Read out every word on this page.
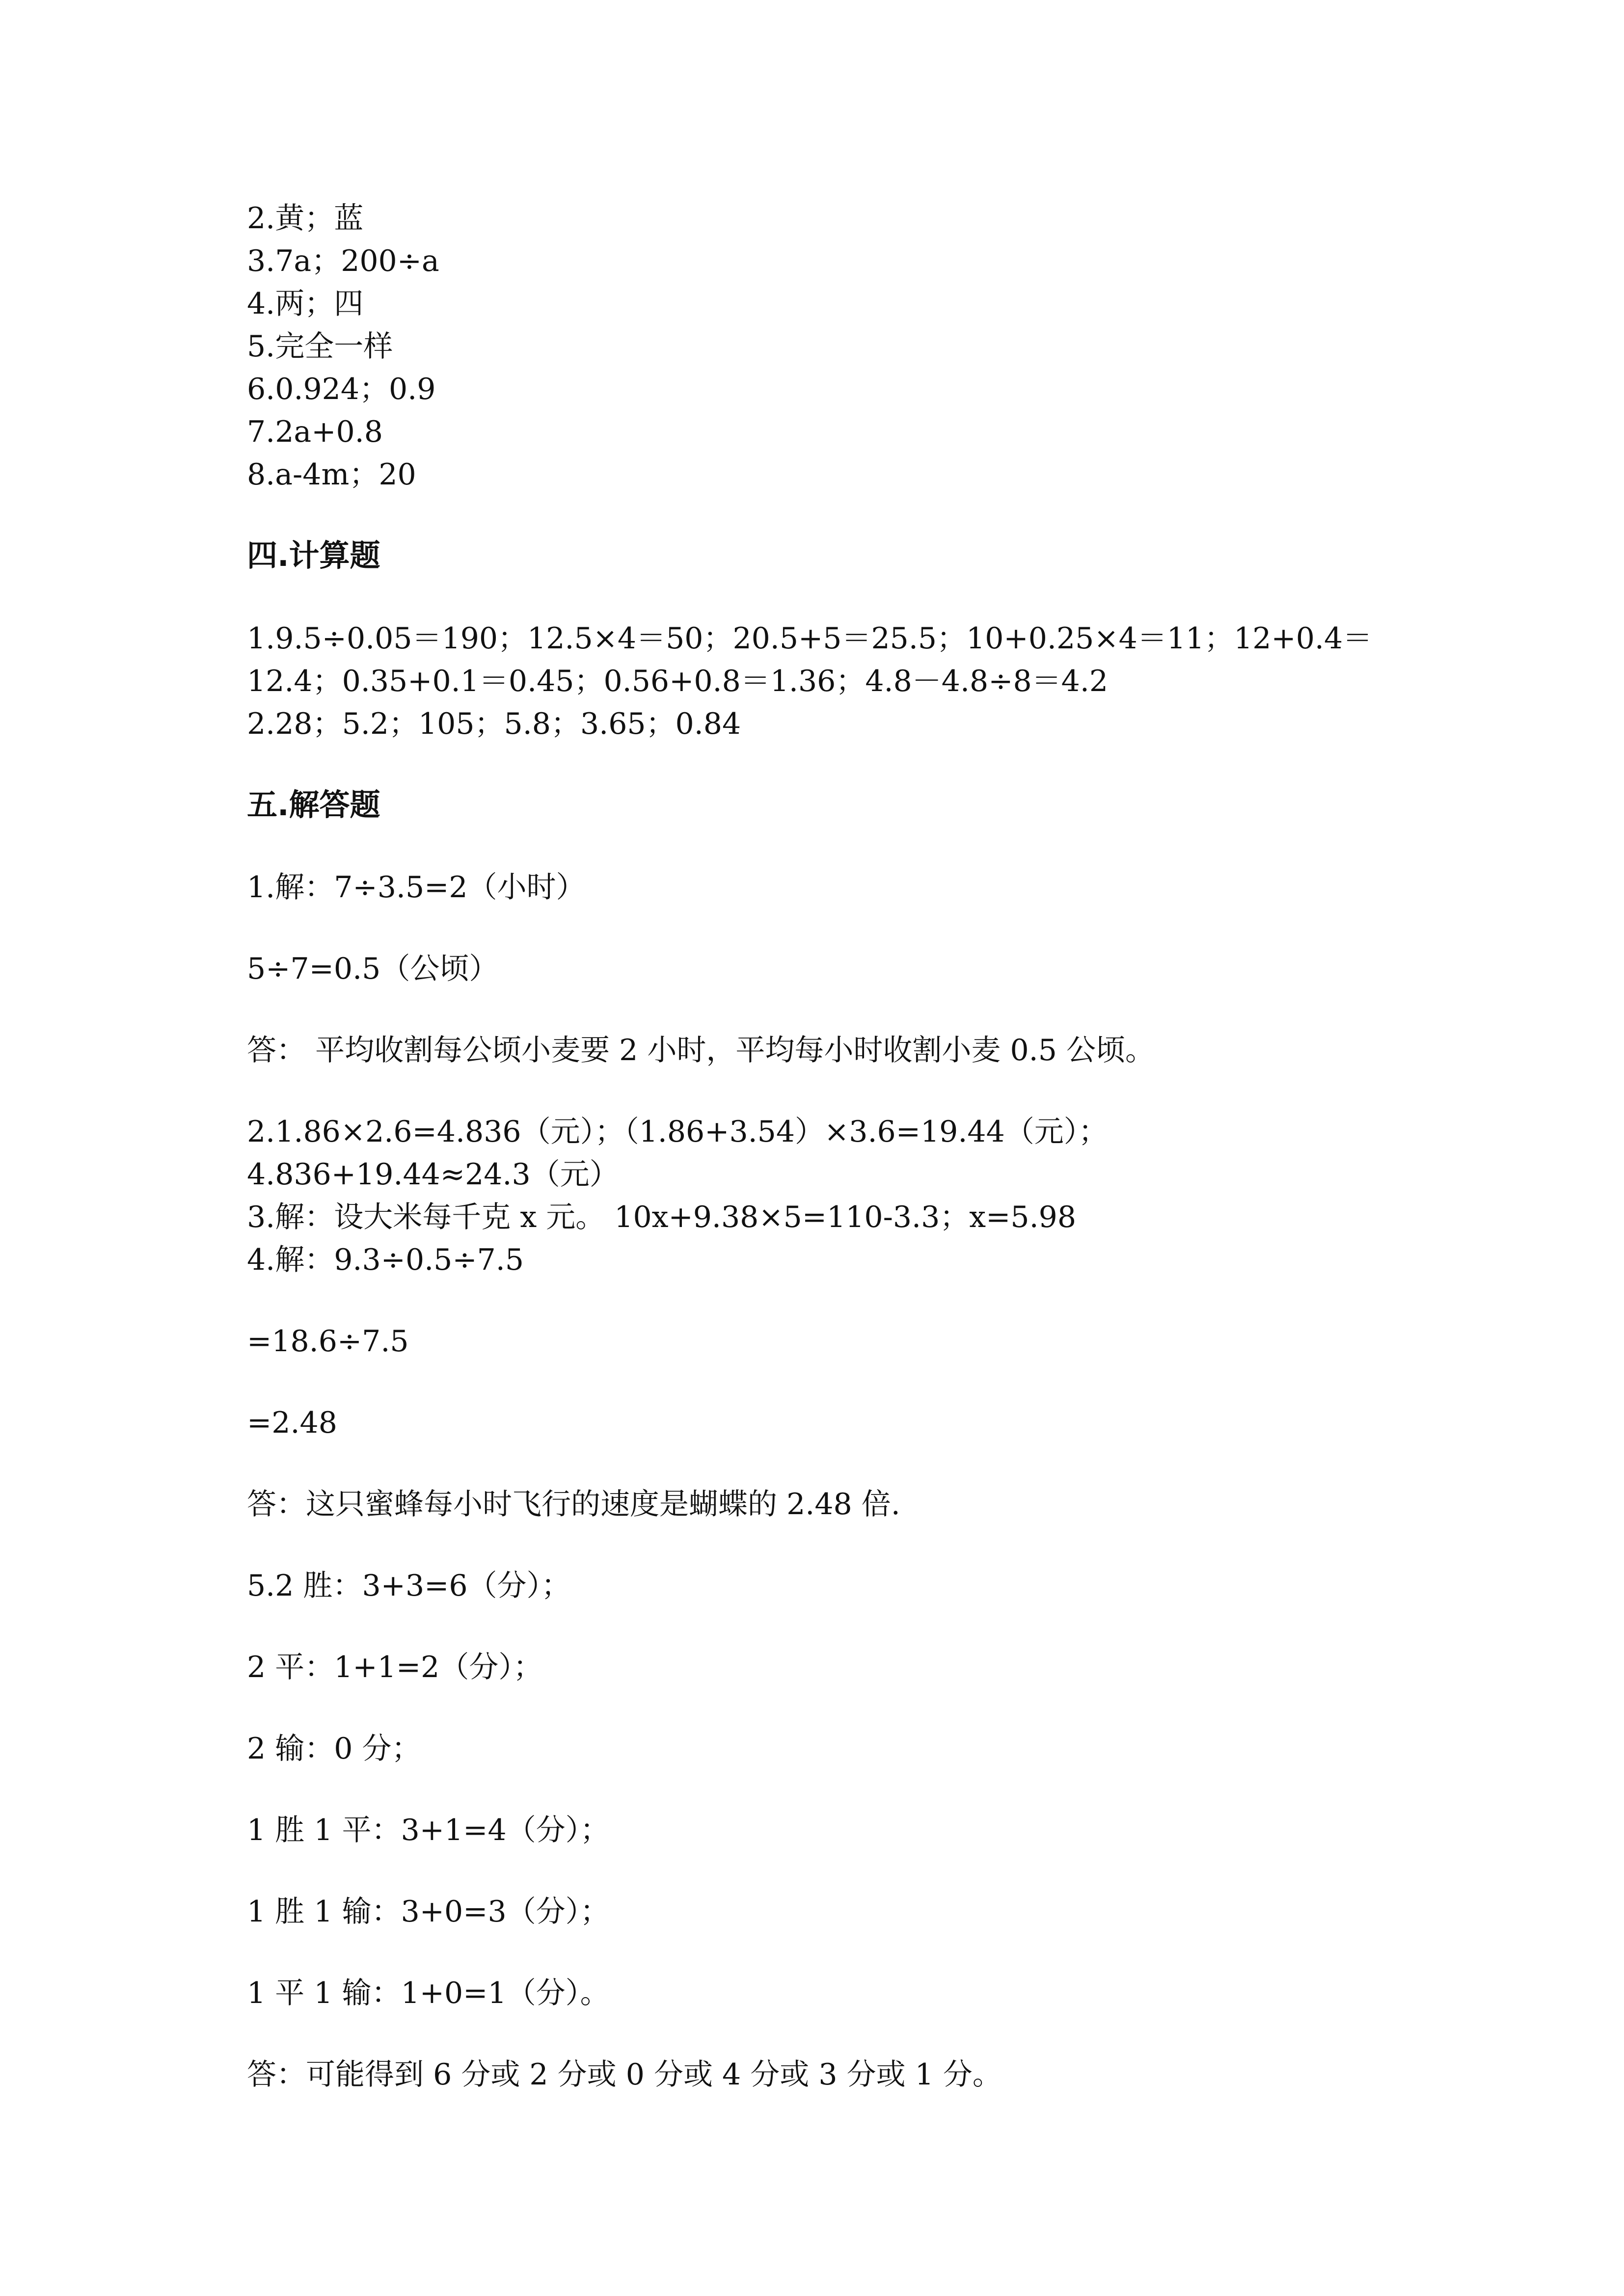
2.黄；蓝

3.7a；200÷a

4.两；四

5.完全一样

6.0.924；0.9

7.2a+0.8

8.a-4m；20

四.计算题

1.9.5÷0.05＝190；12.5×4＝50；20.5+5＝25.5；10+0.25×4＝11；12+0.4＝

12.4；0.35+0.1＝0.45；0.56+0.8＝1.36；4.8－4.8÷8＝4.2

2.28；5.2；105；5.8；3.65；0.84

五.解答题

1.解：7÷3.5=2（小时）

5÷7=0.5（公顷）

答： 平均收割每公顷小麦要 2 小时，平均每小时收割小麦 0.5 公顷。

2.1.86×2.6=4.836（元）；（1.86+3.54）×3.6=19.44（元）；

4.836+19.44≈24.3（元）

3.解：设大米每千克 x 元。 10x+9.38×5=110-3.3；x=5.98

4.解：9.3÷0.5÷7.5

=18.6÷7.5

=2.48

答：这只蜜蜂每小时飞行的速度是蝴蝶的 2.48 倍.

5.2 胜：3+3=6（分）；

2 平：1+1=2（分）；

2 输：0 分；

1 胜 1 平：3+1=4（分）；

1 胜 1 输：3+0=3（分）；

1 平 1 输：1+0=1（分）。

答：可能得到 6 分或 2 分或 0 分或 4 分或 3 分或 1 分。
